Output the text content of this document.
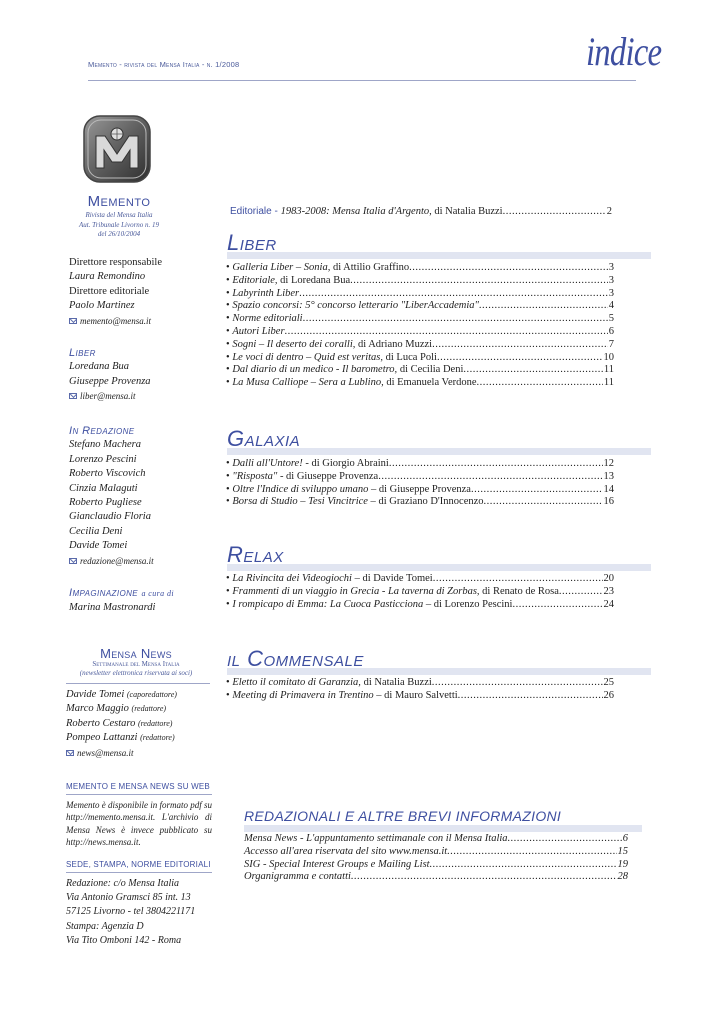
Memento - rivista del Mensa Italia - n. 1/2008	indice
Memento
Rivista del Mensa Italia
Aut. Tribunale Livorno n. 19
del 26/10/2004
Direttore responsabile
Laura Remondino
Direttore editoriale
Paolo Martinez
memento@mensa.it
Liber
Loredana Bua
Giuseppe Provenza
liber@mensa.it
In Redazione
Stefano Machera
Lorenzo Pescini
Roberto Viscovich
Cinzia Malaguti
Roberto Pugliese
Gianclaudio Floria
Cecilia Deni
Davide Tomei
redazione@mensa.it
Impaginazione a cura di
Marina Mastronardi
Mensa News
Settimanale del Mensa Italia
(newsletter elettronica riservata ai soci)
Davide Tomei (caporedattore)
Marco Maggio (redattore)
Roberto Cestaro (redattore)
Pompeo Lattanzi (redattore)
news@mensa.it
MEMENTO E MENSA NEWS SU WEB
Memento è disponibile in formato pdf su http://memento.mensa.it. L'archivio di Mensa News è invece pubblicato su http://news.mensa.it.
SEDE, STAMPA, NORME EDITORIALI
Redazione: c/o Mensa Italia
Via Antonio Gramsci 85 int. 13
57125 Livorno - tel 3804221171
Stampa: Agenzia D
Via Tito Omboni 142 - Roma
Editoriale - 1983-2008: Mensa Italia d'Argento, di Natalia Buzzi .....	2
Liber
• Galleria Liber – Sonia, di Attilio Graffino .....	3
• Editoriale, di Loredana Bua .....	3
• Labyrinth Liber .....	3
• Spazio concorsi: 5° concorso letterario "LiberAccademia" .....	4
• Norme editoriali .....	5
• Autori Liber .....	6
• Sogni – Il deserto dei coralli, di Adriano Muzzi .....	7
• Le voci di dentro – Quid est veritas, di Luca Poli .....	10
• Dal diario di un medico - Il barometro, di Cecilia Deni .....	11
• La Musa Calliope – Sera a Lublino, di Emanuela Verdone .....	11
Galaxia
• Dalli all'Untore! - di Giorgio Abraini .....	12
• "Risposta" - di Giuseppe Provenza .....	13
• Oltre l'Indice di sviluppo umano – di Giuseppe Provenza .....	14
• Borsa di Studio – Tesi Vincitrice – di Graziano D'Innocenzo .....	16
Relax
• La Rivincita dei Videogiochi – di Davide Tomei .....	20
• Frammenti di un viaggio in Grecia - La taverna di Zorbas, di Renato de Rosa .....	23
• I rompicapo di Emma: La Cuoca Pasticciona – di Lorenzo Pescini .....	24
il Commensale
• Eletto il comitato di Garanzia, di Natalia Buzzi .....	25
• Meeting di Primavera in Trentino – di Mauro Salvetti .....	26
REDAZIONALI E ALTRE BREVI INFORMAZIONI
Mensa News - L'appuntamento settimanale con il Mensa Italia .....	6
Accesso all'area riservata del sito www.mensa.it .....	15
SIG - Special Interest Groups e Mailing List .....	19
Organigramma e contatti .....	28
